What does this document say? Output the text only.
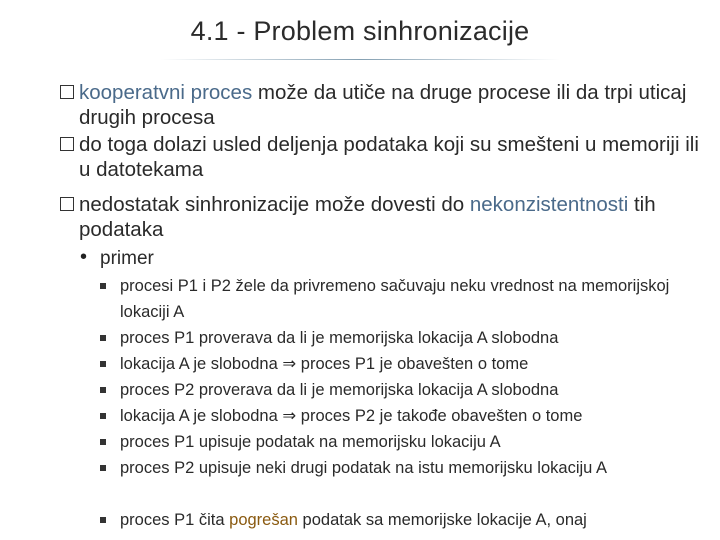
4.1 - Problem sinhronizacije
kooperatvni proces može da utiče na druge procese ili da trpi uticaj drugih procesa
do toga dolazi usled deljenja podataka koji su smešteni u memoriji ili u datotekama
nedostatak sinhronizacije može dovesti do nekonzistentnosti tih podataka
• primer
procesi P1 i P2 žele da privremeno sačuvaju neku vrednost na memorijskoj lokaciji A
proces P1 proverava da li je memorijska lokacija A slobodna
lokacija A je slobodna ⇒ proces P1 je obavešten o tome
proces P2 proverava da li je memorijska lokacija A slobodna
lokacija A je slobodna ⇒ proces P2 je takođe obavešten o tome
proces P1 upisuje podatak na memorijsku lokaciju A
proces P2 upisuje neki drugi podatak na istu memorijsku lokaciju A
proces P1 čita pogrešan podatak sa memorijske lokacije A, onaj
